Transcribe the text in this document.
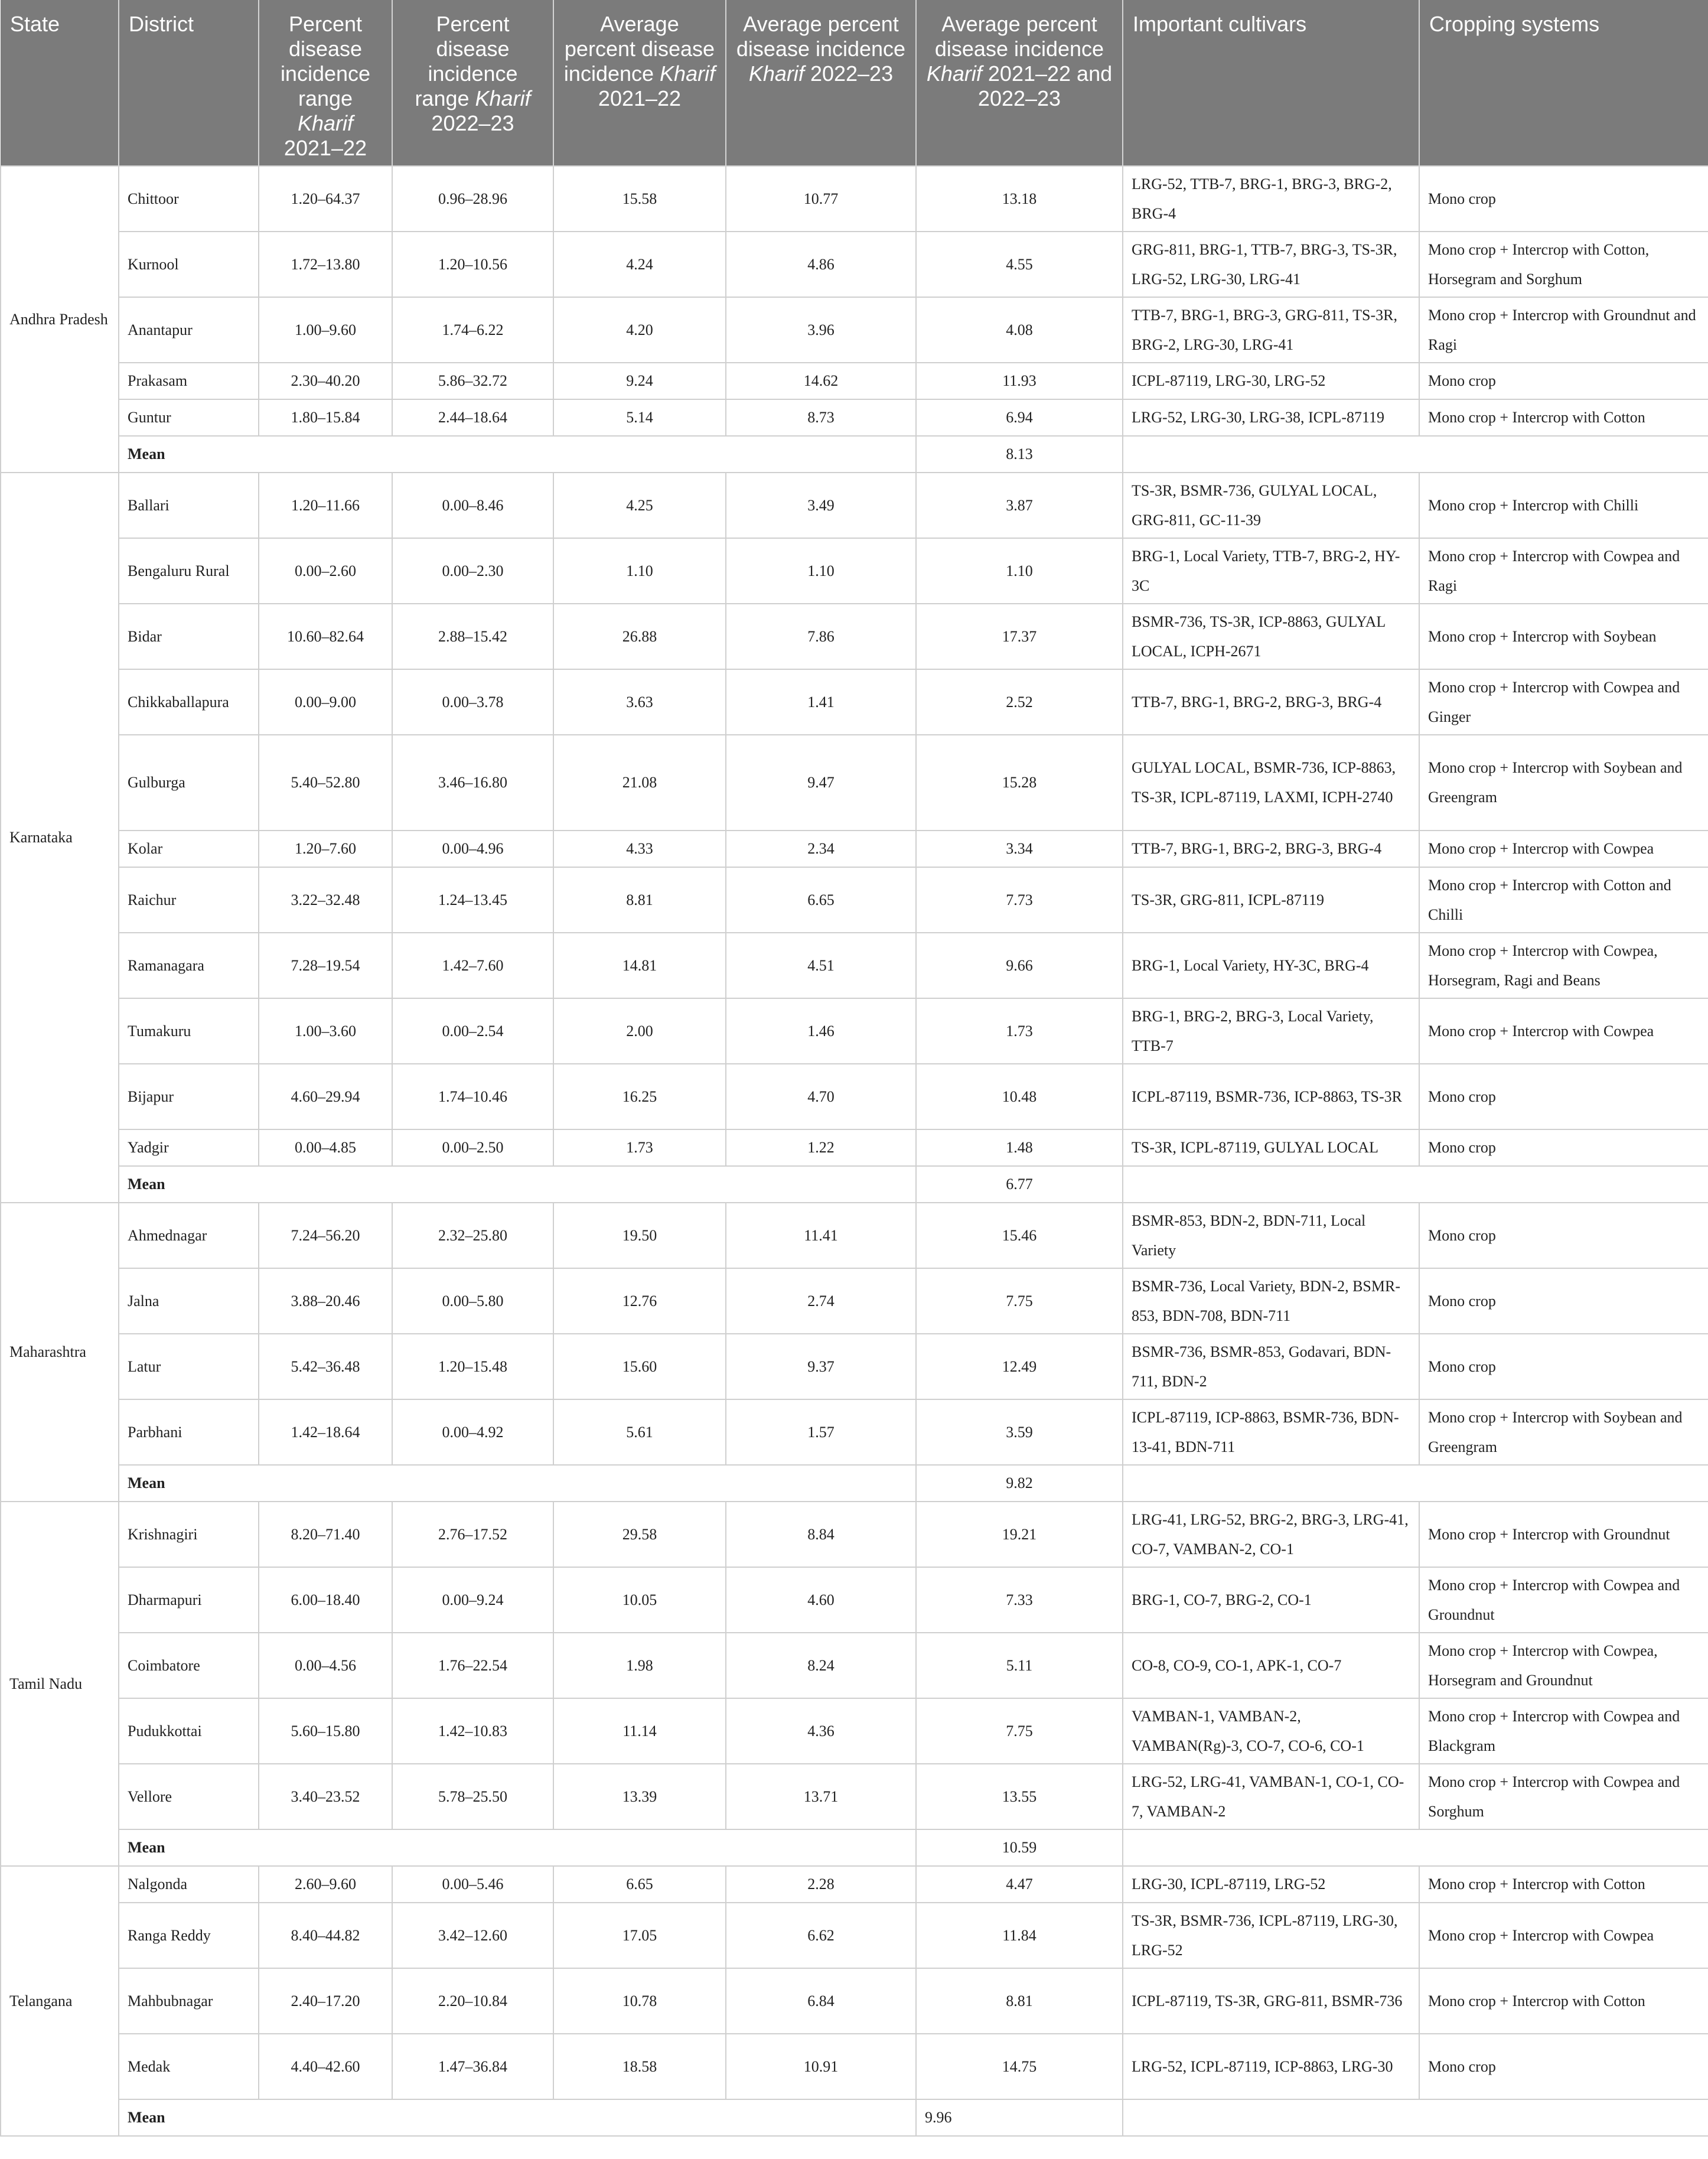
State	District	Percent disease incidence range Kharif 2021–22	Percent disease incidence range Kharif 2022–23	Average percent disease incidence Kharif 2021–22	Average percent disease incidence Kharif 2022–23	Average percent disease incidence Kharif 2021–22 and 2022–23	Important cultivars	Cropping systems
Andhra Pradesh	Chittoor	1.20–64.37	0.96–28.96	15.58	10.77	13.18	LRG-52, TTB-7, BRG-1, BRG-3, BRG-2, BRG-4	Mono crop
	Kurnool	1.72–13.80	1.20–10.56	4.24	4.86	4.55	GRG-811, BRG-1, TTB-7, BRG-3, TS-3R, LRG-52, LRG-30, LRG-41	Mono crop + Intercrop with Cotton, Horsegram and Sorghum
	Anantapur	1.00–9.60	1.74–6.22	4.20	3.96	4.08	TTB-7, BRG-1, BRG-3, GRG-811, TS-3R, BRG-2, LRG-30, LRG-41	Mono crop + Intercrop with Groundnut and Ragi
	Prakasam	2.30–40.20	5.86–32.72	9.24	14.62	11.93	ICPL-87119, LRG-30, LRG-52	Mono crop
	Guntur	1.80–15.84	2.44–18.64	5.14	8.73	6.94	LRG-52, LRG-30, LRG-38, ICPL-87119	Mono crop + Intercrop with Cotton
	Mean					8.13		
Karnataka	Ballari	1.20–11.66	0.00–8.46	4.25	3.49	3.87	TS-3R, BSMR-736, GULYAL LOCAL, GRG-811, GC-11-39	Mono crop + Intercrop with Chilli
	Bengaluru Rural	0.00–2.60	0.00–2.30	1.10	1.10	1.10	BRG-1, Local Variety, TTB-7, BRG-2, HY-3C	Mono crop + Intercrop with Cowpea and Ragi
	Bidar	10.60–82.64	2.88–15.42	26.88	7.86	17.37	BSMR-736, TS-3R, ICP-8863, GULYAL LOCAL, ICPH-2671	Mono crop + Intercrop with Soybean
	Chikkaballapura	0.00–9.00	0.00–3.78	3.63	1.41	2.52	TTB-7, BRG-1, BRG-2, BRG-3, BRG-4	Mono crop + Intercrop with Cowpea and Ginger
	Gulburga	5.40–52.80	3.46–16.80	21.08	9.47	15.28	GULYAL LOCAL, BSMR-736, ICP-8863, TS-3R, ICPL-87119, LAXMI, ICPH-2740	Mono crop + Intercrop with Soybean and Greengram
	Kolar	1.20–7.60	0.00–4.96	4.33	2.34	3.34	TTB-7, BRG-1, BRG-2, BRG-3, BRG-4	Mono crop + Intercrop with Cowpea
	Raichur	3.22–32.48	1.24–13.45	8.81	6.65	7.73	TS-3R, GRG-811, ICPL-87119	Mono crop + Intercrop with Cotton and Chilli
	Ramanagara	7.28–19.54	1.42–7.60	14.81	4.51	9.66	BRG-1, Local Variety, HY-3C, BRG-4	Mono crop + Intercrop with Cowpea, Horsegram, Ragi and Beans
	Tumakuru	1.00–3.60	0.00–2.54	2.00	1.46	1.73	BRG-1, BRG-2, BRG-3, Local Variety, TTB-7	Mono crop + Intercrop with Cowpea
	Bijapur	4.60–29.94	1.74–10.46	16.25	4.70	10.48	ICPL-87119, BSMR-736, ICP-8863, TS-3R	Mono crop
	Yadgir	0.00–4.85	0.00–2.50	1.73	1.22	1.48	TS-3R, ICPL-87119, GULYAL LOCAL	Mono crop
	Mean					6.77		
Maharashtra	Ahmednagar	7.24–56.20	2.32–25.80	19.50	11.41	15.46	BSMR-853, BDN-2, BDN-711, Local Variety	Mono crop
	Jalna	3.88–20.46	0.00–5.80	12.76	2.74	7.75	BSMR-736, Local Variety, BDN-2, BSMR-853, BDN-708, BDN-711	Mono crop
	Latur	5.42–36.48	1.20–15.48	15.60	9.37	12.49	BSMR-736, BSMR-853, Godavari, BDN-711, BDN-2	Mono crop
	Parbhani	1.42–18.64	0.00–4.92	5.61	1.57	3.59	ICPL-87119, ICP-8863, BSMR-736, BDN-13-41, BDN-711	Mono crop + Intercrop with Soybean and Greengram
	Mean					9.82		
Tamil Nadu	Krishnagiri	8.20–71.40	2.76–17.52	29.58	8.84	19.21	LRG-41, LRG-52, BRG-2, BRG-3, LRG-41, CO-7, VAMBAN-2, CO-1	Mono crop + Intercrop with Groundnut
	Dharmapuri	6.00–18.40	0.00–9.24	10.05	4.60	7.33	BRG-1, CO-7, BRG-2, CO-1	Mono crop + Intercrop with Cowpea and Groundnut
	Coimbatore	0.00–4.56	1.76–22.54	1.98	8.24	5.11	CO-8, CO-9, CO-1, APK-1, CO-7	Mono crop + Intercrop with Cowpea, Horsegram and Groundnut
	Pudukkottai	5.60–15.80	1.42–10.83	11.14	4.36	7.75	VAMBAN-1, VAMBAN-2, VAMBAN(Rg)-3, CO-7, CO-6, CO-1	Mono crop + Intercrop with Cowpea and Blackgram
	Vellore	3.40–23.52	5.78–25.50	13.39	13.71	13.55	LRG-52, LRG-41, VAMBAN-1, CO-1, CO-7, VAMBAN-2	Mono crop + Intercrop with Cowpea and Sorghum
	Mean					10.59		
Telangana	Nalgonda	2.60–9.60	0.00–5.46	6.65	2.28	4.47	LRG-30, ICPL-87119, LRG-52	Mono crop + Intercrop with Cotton
	Ranga Reddy	8.40–44.82	3.42–12.60	17.05	6.62	11.84	TS-3R, BSMR-736, ICPL-87119, LRG-30, LRG-52	Mono crop + Intercrop with Cowpea
	Mahbubnagar	2.40–17.20	2.20–10.84	10.78	6.84	8.81	ICPL-87119, TS-3R, GRG-811, BSMR-736	Mono crop + Intercrop with Cotton
	Medak	4.40–42.60	1.47–36.84	18.58	10.91	14.75	LRG-52, ICPL-87119, ICP-8863, LRG-30	Mono crop
	Mean					9.96		
